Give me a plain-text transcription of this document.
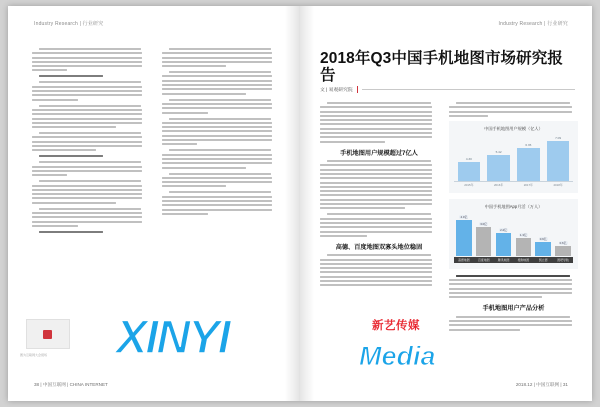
Industry Research | 行业研究
图为互联网大会现场
38 | 中国互联网 | CHINA INTERNET
Industry Research | 行业研究
2018年Q3中国手机地图市场研究报告
文 | 易观研究院
手机地图用户规模超过7亿人
高德、百度地图双寡头地位稳固
中国手机地图用户规模（亿人）
4.30
5.42
6.35
7.09
2015年	2016年	2017年	2018年
中国手机地图App月活（万人）
4.0亿
3.0亿
2.2亿
1.3亿
0.9亿
0.6亿
高德地图	百度地图	腾讯地图	搜狗地图	凯立德	图吧导航
手机地图用户产品分析
2018.12 | 中国互联网 | 31
XINYI	Media
新艺传媒
